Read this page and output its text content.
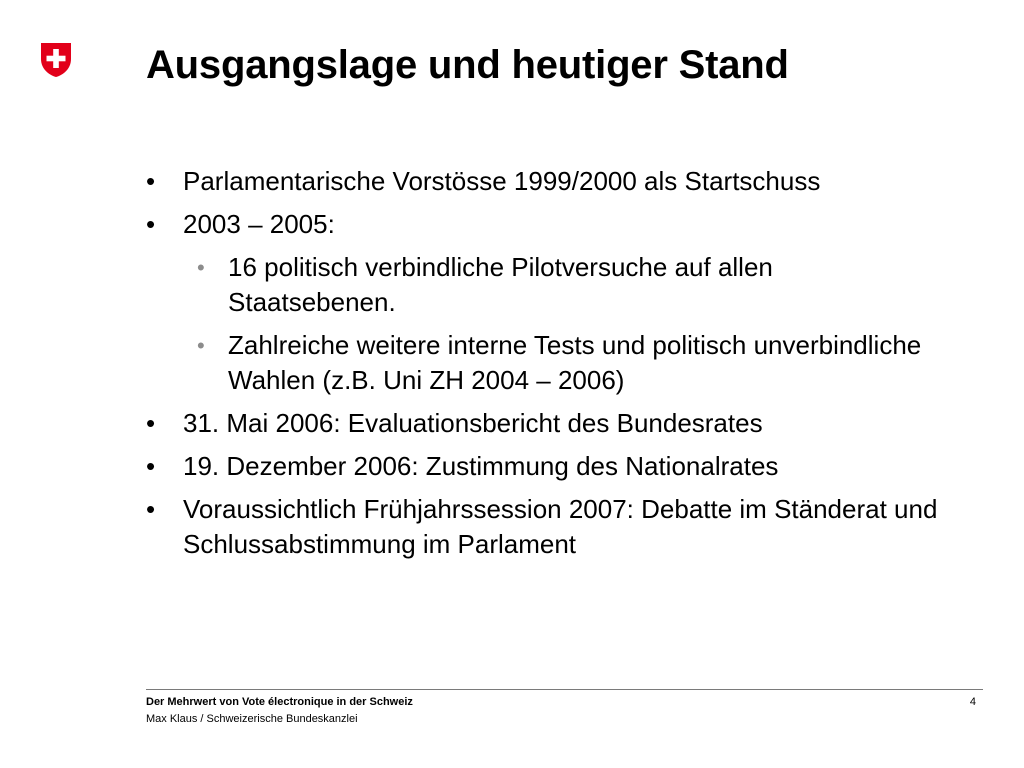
Ausgangslage und heutiger Stand
• Parlamentarische Vorstösse 1999/2000 als Startschuss
• 2003 – 2005:
• 16 politisch verbindliche Pilotversuche auf allen Staatsebenen.
• Zahlreiche weitere interne Tests und politisch unverbindliche Wahlen (z.B. Uni ZH 2004 – 2006)
• 31. Mai 2006: Evaluationsbericht des Bundesrates
• 19. Dezember 2006: Zustimmung des Nationalrates
• Voraussichtlich Frühjahrssession 2007: Debatte im Ständerat und Schlussabstimmung im Parlament
Der Mehrwert von Vote électronique in der Schweiz
Max Klaus / Schweizerische Bundeskanzlei
4
